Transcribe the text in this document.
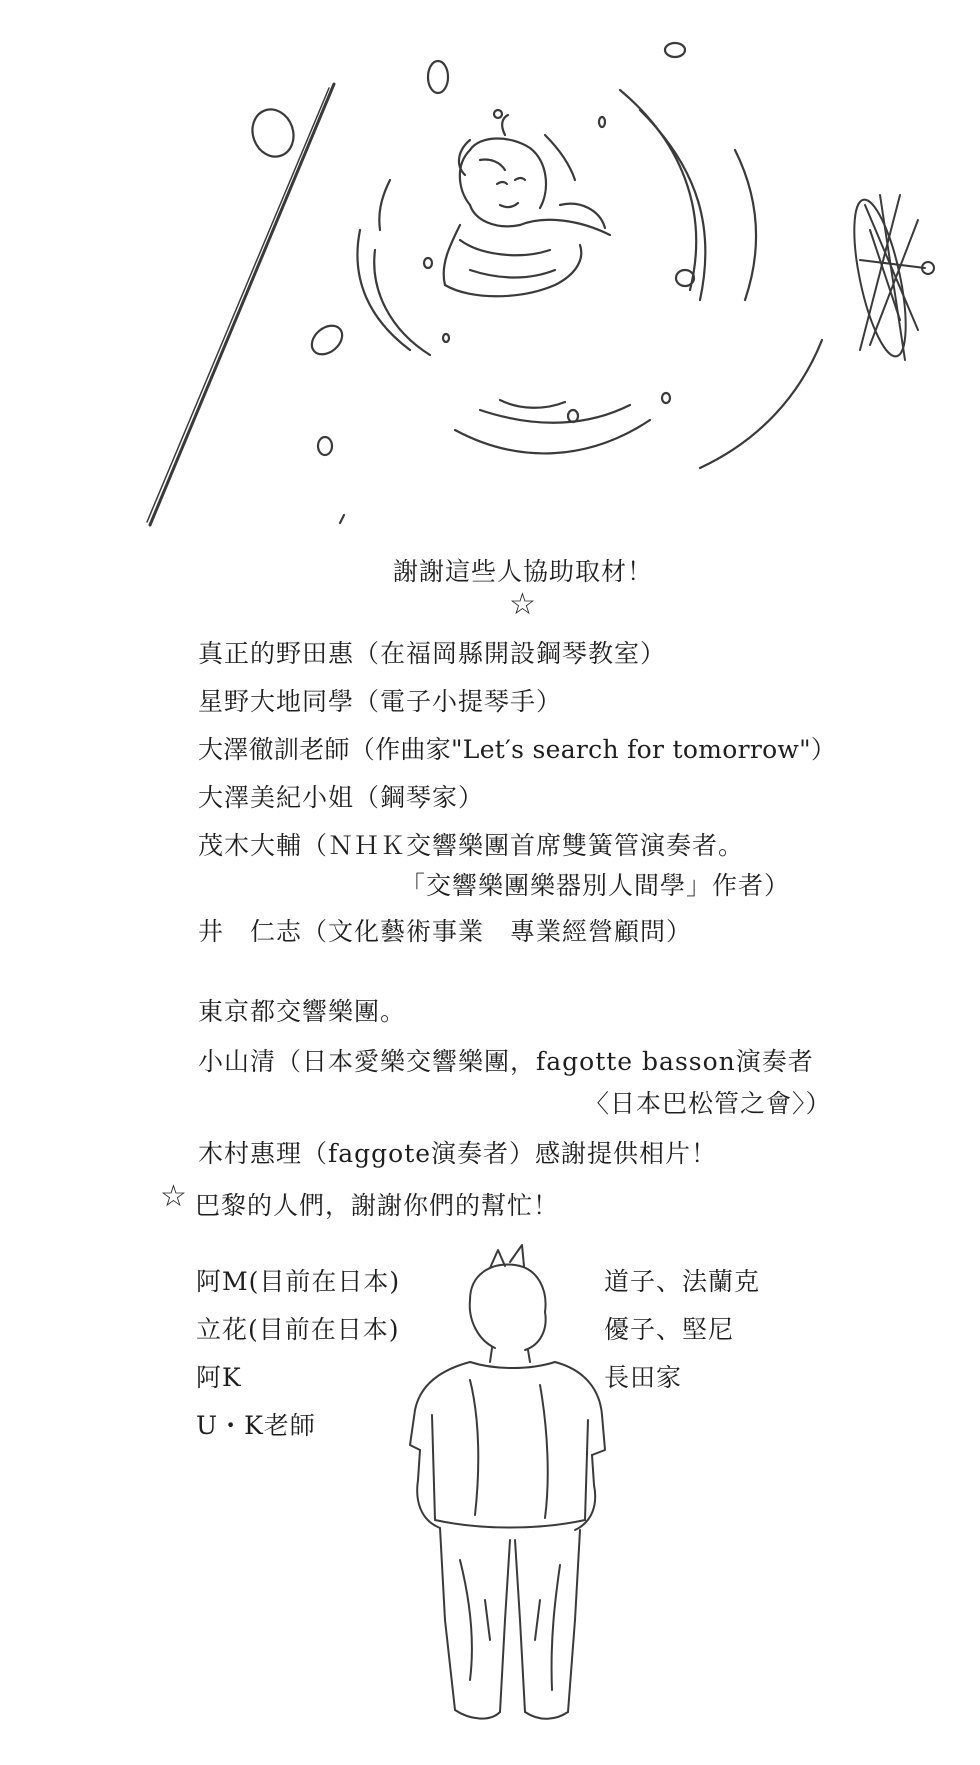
謝謝這些人協助取材！
☆
真正的野田惠（在福岡縣開設鋼琴教室）
星野大地同學（電子小提琴手）
大澤徹訓老師（作曲家"Let′s search for tomorrow"）
大澤美紀小姐（鋼琴家）
茂木大輔（ＮＨＫ交響樂團首席雙簧管演奏者。
「交響樂團樂器別人間學」作者）
井　仁志（文化藝術事業　專業經營顧問）
東京都交響樂團。
小山清（日本愛樂交響樂團，fagotte basson演奏者
〈日本巴松管之會〉）
木村惠理（faggote演奏者）感謝提供相片！
☆ 巴黎的人們，謝謝你們的幫忙！
阿M(目前在日本)
立花(目前在日本)
阿K
U・K老師
道子、法蘭克
優子、堅尼
長田家
